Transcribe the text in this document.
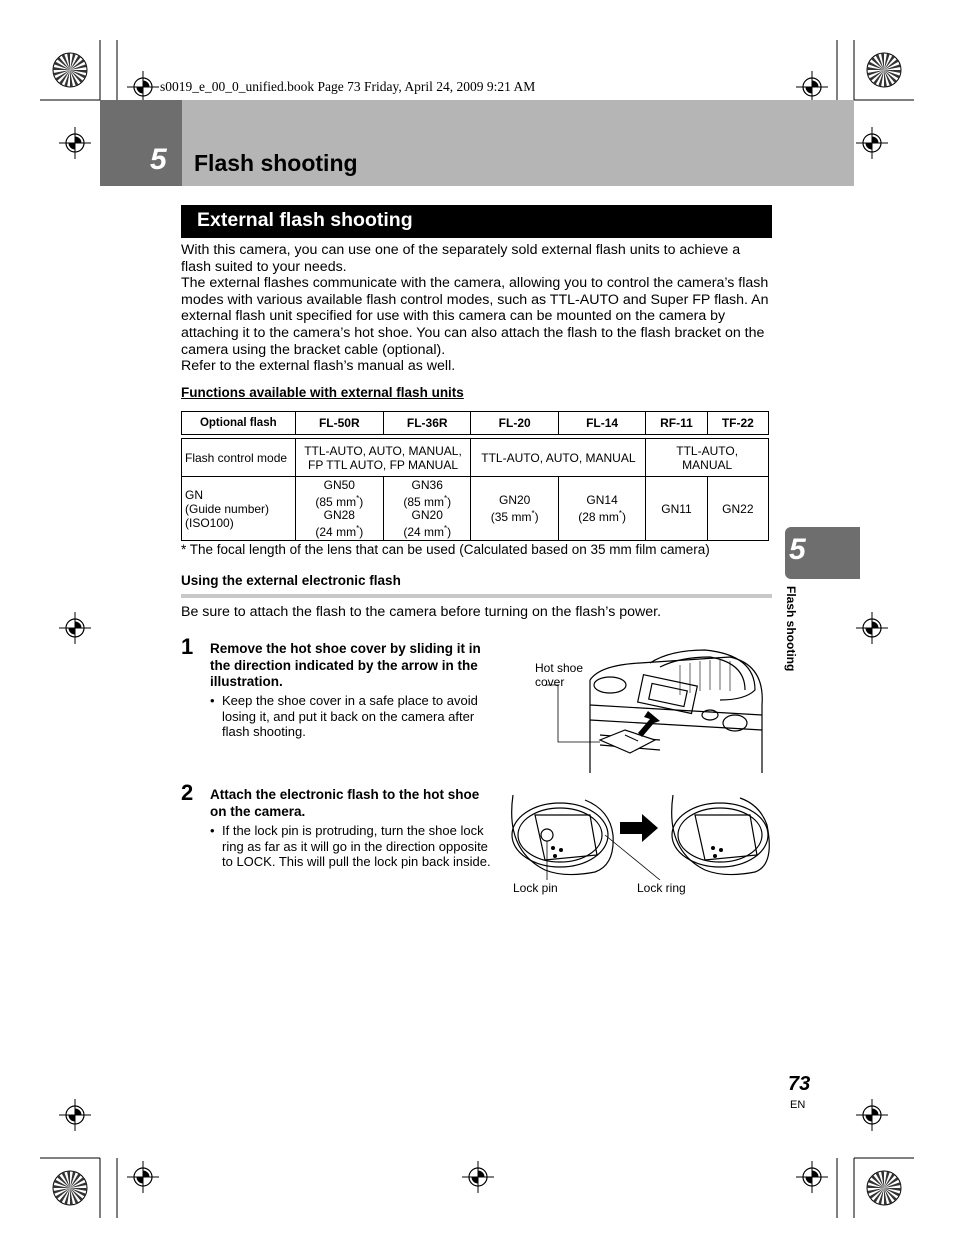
s0019_e_00_0_unified.book Page 73 Friday, April 24, 2009 9:21 AM
5 Flash shooting
External flash shooting

With this camera, you can use one of the separately sold external flash units to achieve a flash suited to your needs.

The external flashes communicate with the camera, allowing you to control the camera’s flash modes with various available flash control modes, such as TTL-AUTO and Super FP flash. An external flash unit specified for use with this camera can be mounted on the camera by attaching it to the camera’s hot shoe. You can also attach the flash to the flash bracket on the camera using the bracket cable (optional).

Refer to the external flash’s manual as well.

Functions available with external flash units
Optional flash	FL-50R	FL-36R	FL-20	FL-14	RF-11	TF-22

Flash control mode	TTL-AUTO, AUTO, MANUAL,
FP TTL AUTO, FP MANUAL		TTL-AUTO, AUTO, MANUAL		TTL-AUTO,
MANUAL	
GN
(Guide number)
(ISO100)	GN50
(85 mm*)
GN28
(24 mm*)	GN36
(85 mm*)
GN20
(24 mm*)	GN20
(35 mm*)	GN14
(28 mm*)	GN11	GN22
* The focal length of the lens that can be used (Calculated based on 35 mm film camera)
Using the external electronic flash
Be sure to attach the flash to the camera before turning on the flash’s power.
1 Remove the hot shoe cover by sliding it in the direction indicated by the arrow in the illustration.
• Keep the shoe cover in a safe place to avoid losing it, and put it back on the camera after flash shooting.
Hot shoe
cover
2 Attach the electronic flash to the hot shoe on the camera.
• If the lock pin is protruding, turn the shoe lock ring as far as it will go in the direction opposite to LOCK. This will pull the lock pin back inside.
Lock pin	Lock ring
5
Flash shooting
73
EN
